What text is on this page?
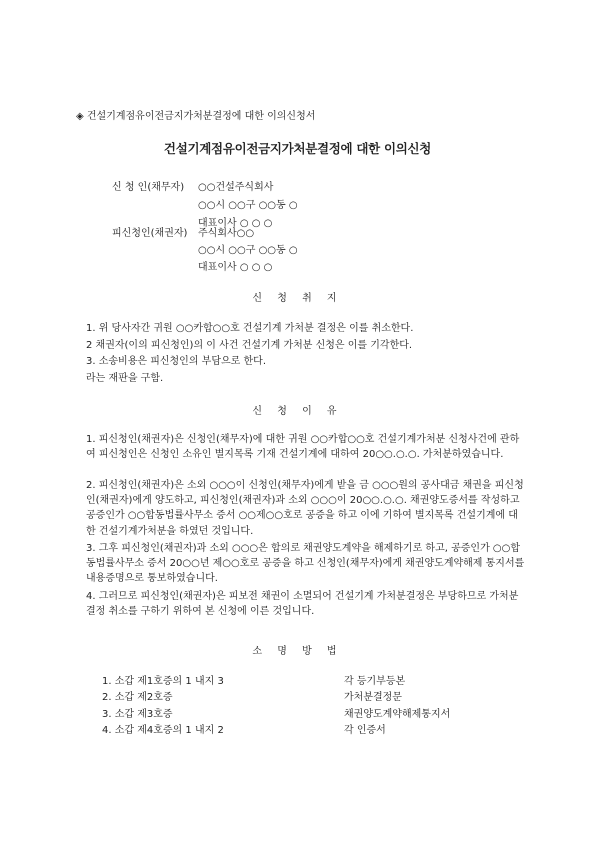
◈ 건설기계점유이전금지가처분결정에 대한 이의신청서
건설기계점유이전금지가처분결정에 대한 이의신청
신 청 인(채무자) ○○건설주식회사
○○시 ○○구 ○○동 ○
대표이사 ○ ○ ○
피신청인(채권자) 주식회사○○
○○시 ○○구 ○○동 ○
대표이사 ○ ○ ○
신 청 취 지
1. 위 당사자간 귀원 ○○카합○○호 건설기계 가처분 결정은 이를 취소한다.
2 채권자(이의 피신청인)의 이 사건 건설기계 가처분 신청은 이를 기각한다.
3. 소송비용은 피신청인의 부담으로 한다.
라는 재판을 구함.
신 청 이 유
1. 피신청인(채권자)은 신청인(채무자)에 대한 귀원 ○○카합○○호 건설기계가처분 신청사건에 관하여 피신청인은 신청인 소유인 별지목록 기재 건설기계에 대하여 20○○.○.○. 가처분하였습니다.
2. 피신청인(채권자)은 소외 ○○○이 신청인(채무자)에게 받을 금 ○○○원의 공사대금 채권을 피신청인(채권자)에게 양도하고, 피신청인(채권자)과 소외 ○○○이 20○○.○.○. 채권양도증서를 작성하고 공증인가 ○○합동법률사무소 증서 ○○제○○호로 공증을 하고 이에 기하여 별지목록 건설기계에 대한 건설기계가처분을 하였던 것입니다.
3. 그후 피신청인(채권자)과 소외 ○○○은 합의로 채권양도계약을 해제하기로 하고, 공증인가 ○○합동법률사무소 증서 20○○년 제○○호로 공증을 하고 신청인(채무자)에게 채권양도계약해제 통지서를 내용증명으로 통보하였습니다.
4. 그러므로 피신청인(채권자)은 피보전 채권이 소멸되어 건설기계 가처분결정은 부당하므로 가처분결정 취소를 구하기 위하여 본 신청에 이른 것입니다.
소 명 방 법
1. 소갑 제1호증의 1 내지 3	각 등기부등본
2. 소갑 제2호증	가처분결정문
3. 소갑 제3호증	채권양도계약해제통지서
4. 소갑 제4호증의 1 내지 2	각 인증서
